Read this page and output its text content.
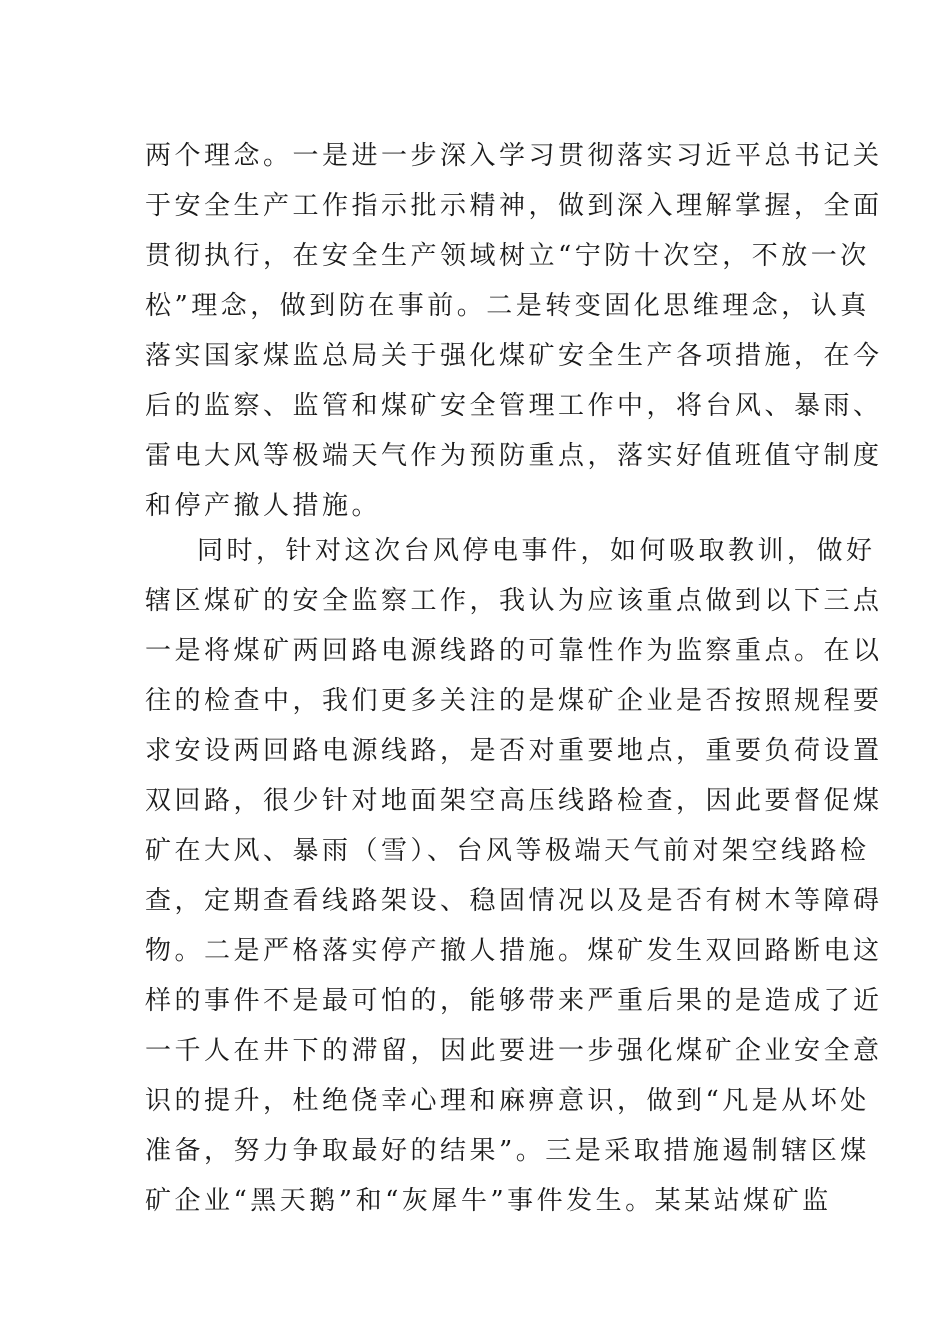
两个理念。一是进一步深入学习贯彻落实习近平总书记关
于安全生产工作指示批示精神，做到深入理解掌握，全面
贯彻执行，在安全生产领域树立“宁防十次空，不放一次
松”理念，做到防在事前。二是转变固化思维理念，认真
落实国家煤监总局关于强化煤矿安全生产各项措施，在今
后的监察、监管和煤矿安全管理工作中，将台风、暴雨、
雷电大风等极端天气作为预防重点，落实好值班值守制度
和停产撤人措施。
同时，针对这次台风停电事件，如何吸取教训，做好
辖区煤矿的安全监察工作，我认为应该重点做到以下三点
一是将煤矿两回路电源线路的可靠性作为监察重点。在以
往的检查中，我们更多关注的是煤矿企业是否按照规程要
求安设两回路电源线路，是否对重要地点，重要负荷设置
双回路，很少针对地面架空高压线路检查，因此要督促煤
矿在大风、暴雨（雪）、台风等极端天气前对架空线路检
查，定期查看线路架设、稳固情况以及是否有树木等障碍
物。二是严格落实停产撤人措施。煤矿发生双回路断电这
样的事件不是最可怕的，能够带来严重后果的是造成了近
一千人在井下的滞留，因此要进一步强化煤矿企业安全意
识的提升，杜绝侥幸心理和麻痹意识，做到“凡是从坏处
准备，努力争取最好的结果”。三是采取措施遏制辖区煤
矿企业“黑天鹅”和“灰犀牛”事件发生。某某站煤矿监
